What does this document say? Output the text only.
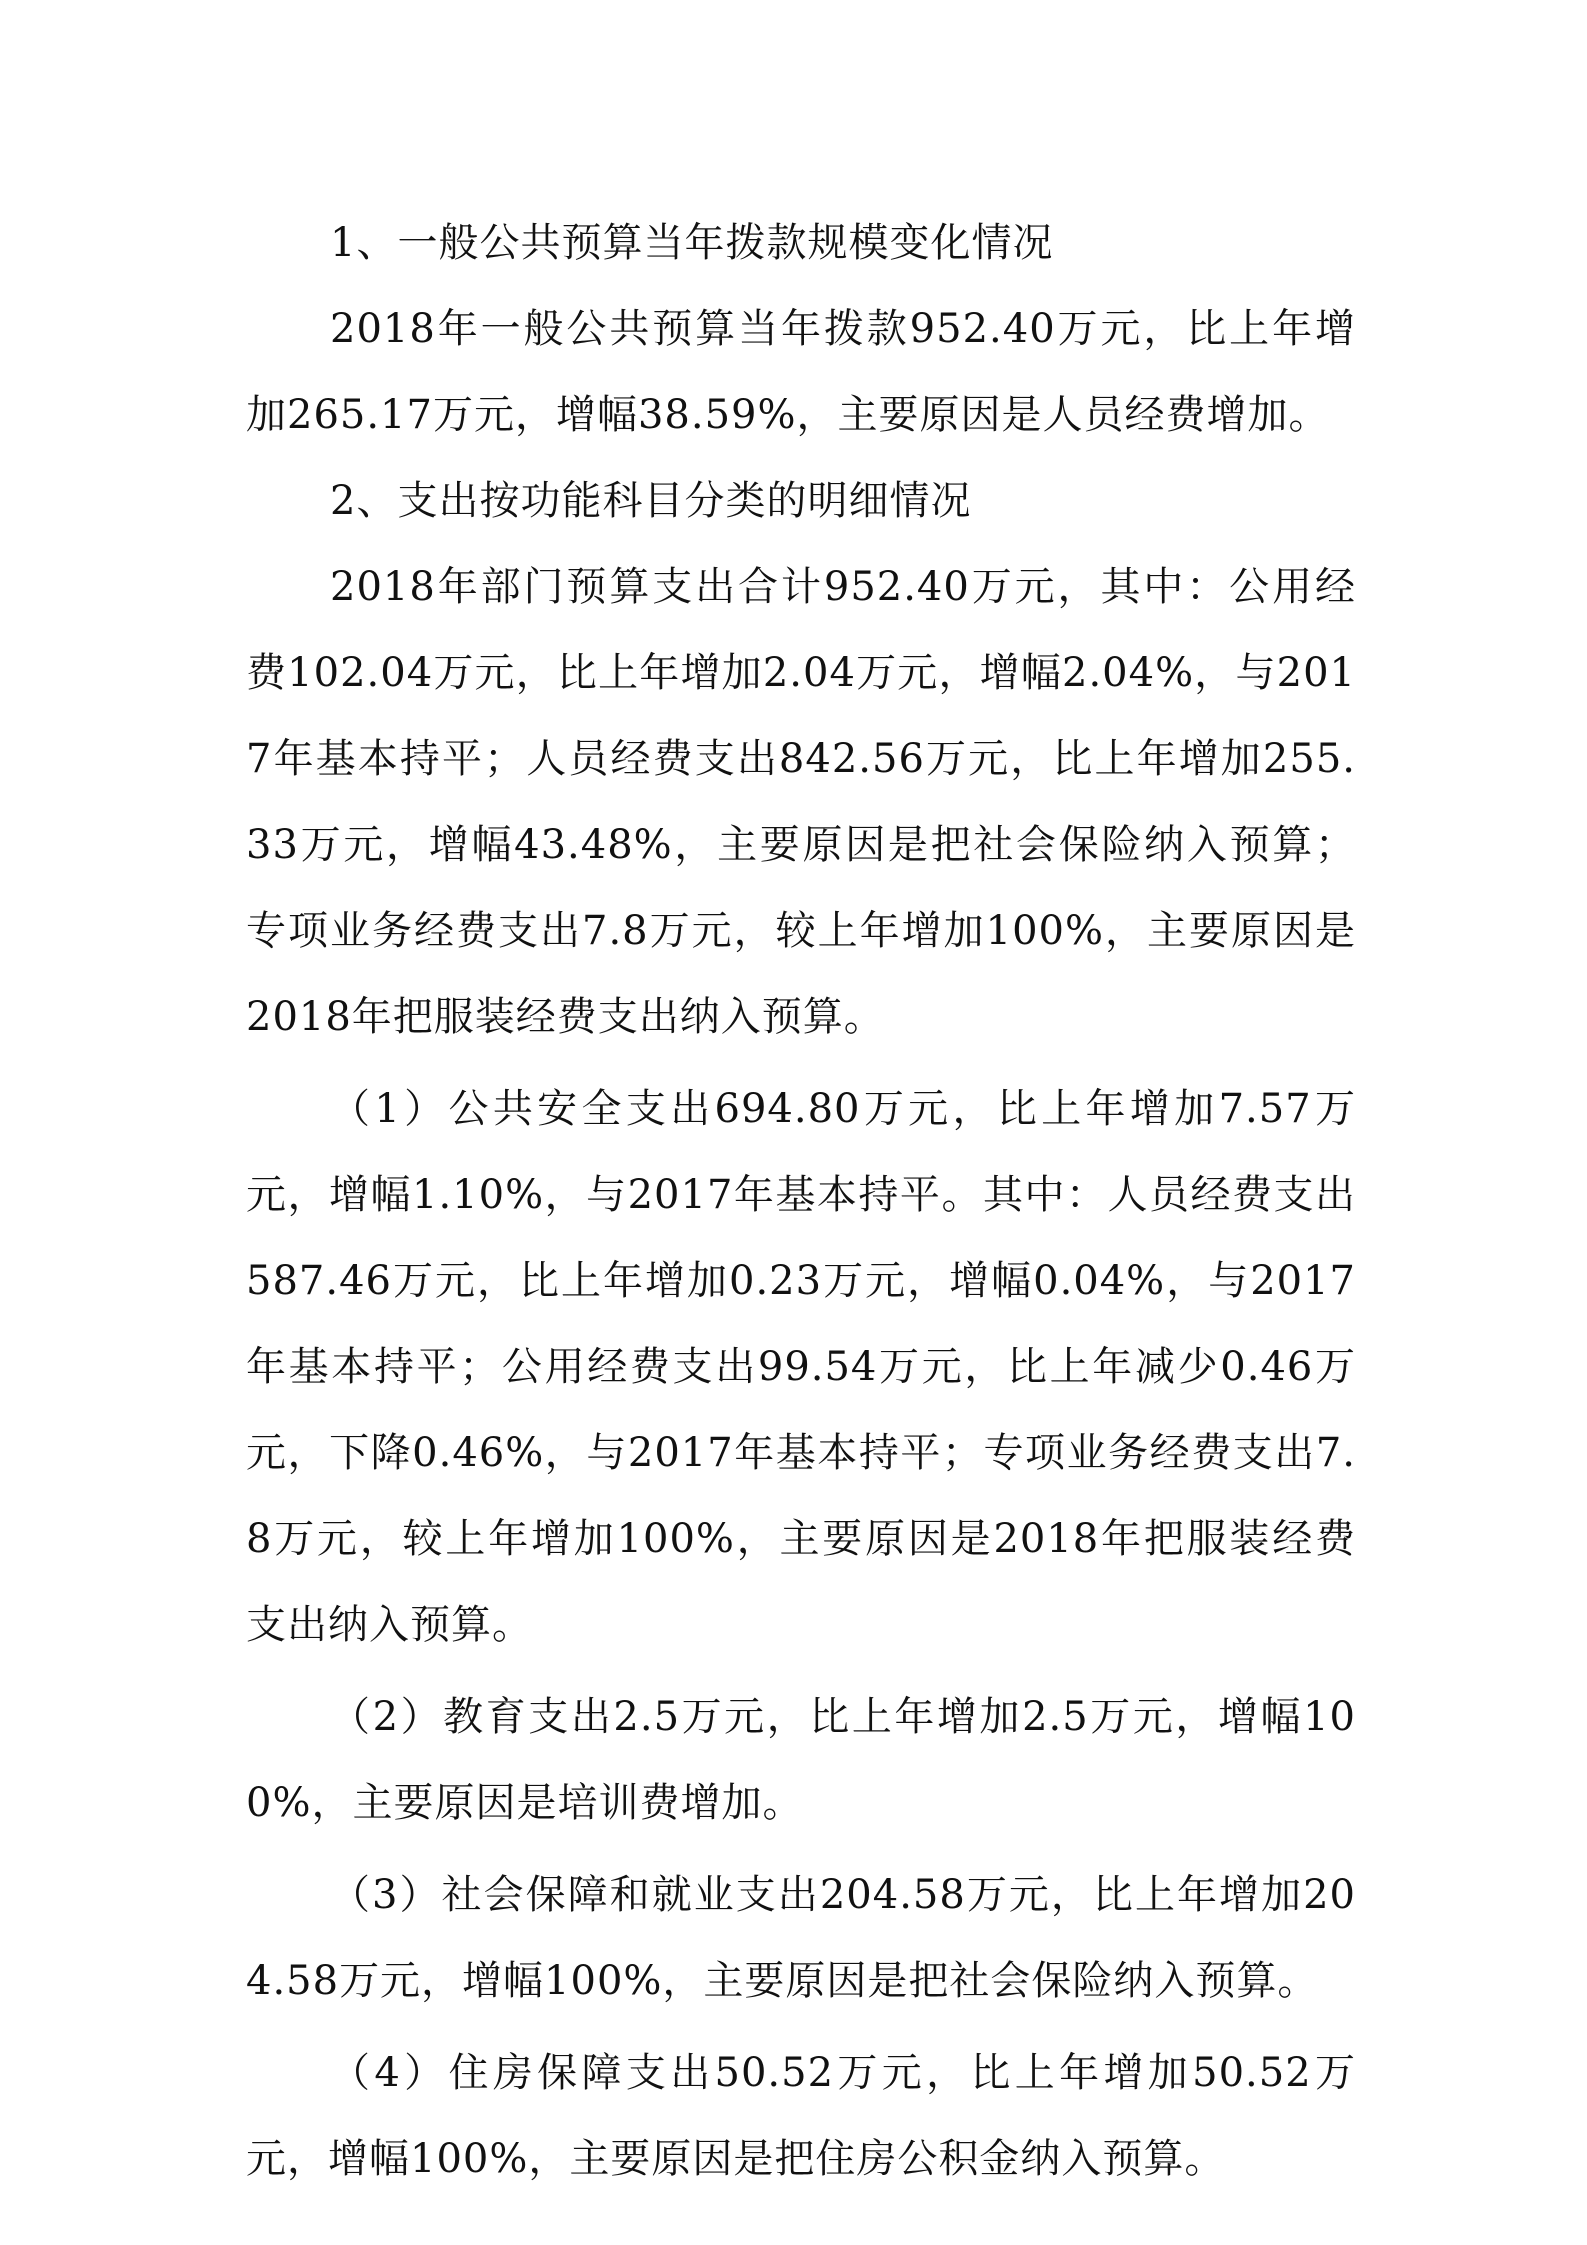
1、一般公共预算当年拨款规模变化情况

2018年一般公共预算当年拨款952.40万元，比上年增加265.17万元，增幅38.59%，主要原因是人员经费增加。

2、支出按功能科目分类的明细情况

2018年部门预算支出合计952.40万元，其中：公用经费102.04万元，比上年增加2.04万元，增幅2.04%，与2017年基本持平；人员经费支出842.56万元，比上年增加255.33万元，增幅43.48%，主要原因是把社会保险纳入预算；专项业务经费支出7.8万元，较上年增加100%，主要原因是2018年把服装经费支出纳入预算。

（1）公共安全支出694.80万元，比上年增加7.57万元，增幅1.10%，与2017年基本持平。其中：人员经费支出587.46万元，比上年增加0.23万元，增幅0.04%，与2017年基本持平；公用经费支出99.54万元，比上年减少0.46万元，下降0.46%，与2017年基本持平；专项业务经费支出7.8万元，较上年增加100%，主要原因是2018年把服装经费支出纳入预算。

（2）教育支出2.5万元，比上年增加2.5万元，增幅100%，主要原因是培训费增加。

（3）社会保障和就业支出204.58万元，比上年增加204.58万元，增幅100%，主要原因是把社会保险纳入预算。

（4）住房保障支出50.52万元，比上年增加50.52万元，增幅100%，主要原因是把住房公积金纳入预算。
